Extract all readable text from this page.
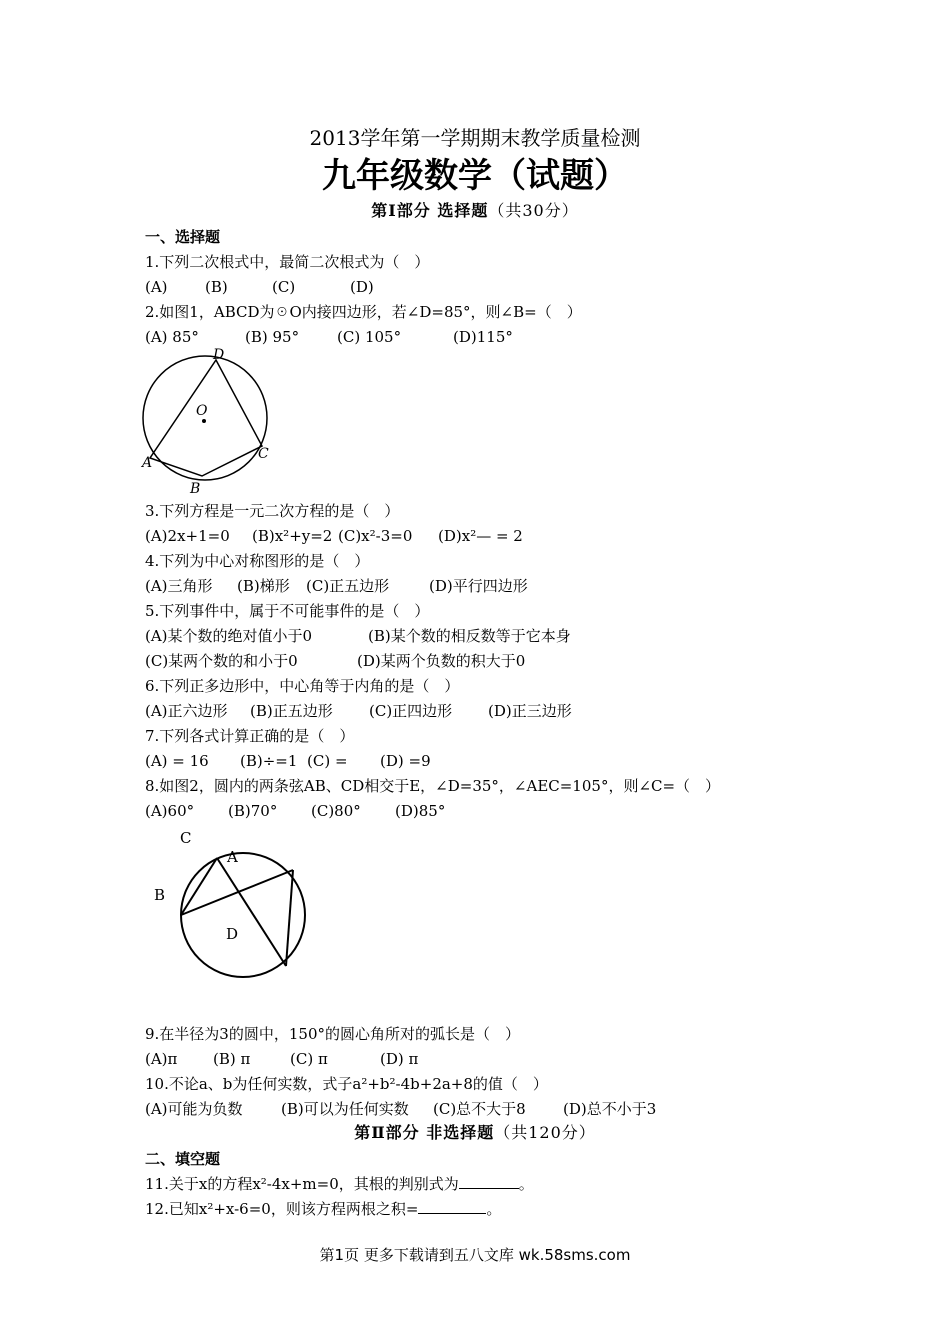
2013学年第一学期期末教学质量检测
九年级数学（试题）
第Ⅰ部分 选择题（共30分）
一、选择题
1.下列二次根式中，最简二次根式为（　）
(A) (B)	(C)	(D)
2.如图1，ABCD为☉O内接四边形，若∠D=85°，则∠B=（　）
(A) 85°	(B) 95°	(C) 105°	(D)115°
D
O
A
B
C
3.下列方程是一元二次方程的是（　）
(A)2x+1=0 (B)x²+y=2 (C)x²-3=0 (D)x²— = 2
4.下列为中心对称图形的是（　）
(A)三角形 (B)梯形 (C)正五边形	(D)平行四边形
5.下列事件中，属于不可能事件的是（　）
(A)某个数的绝对值小于0	(B)某个数的相反数等于它本身
(C)某两个数的和小于0	(D)某两个负数的积大于0
6.下列正多边形中，中心角等于内角的是（　）
(A)正六边形 (B)正五边形 (C)正四边形 (D)正三边形
7.下列各式计算正确的是（　）
(A) = 16 (B)÷=1 (C) = (D) =9
8.如图2，圆内的两条弦AB、CD相交于E，∠D=35°，∠AEC=105°，则∠C=（　）
(A)60° (B)70° (C)80° (D)85°
C
A
B
D
9.在半径为3的圆中，150°的圆心角所对的弧长是（　）
(A)π (B) π	(C) π	(D) π
10.不论a、b为任何实数，式子a²+b²-4b+2a+8的值（　）
(A)可能为负数	(B)可以为任何实数 (C)总不大于8 (D)总不小于3
第Ⅱ部分 非选择题（共120分）
二、填空题
11.关于x的方程x²-4x+m=0，其根的判别式为	。
12.已知x²+x-6=0，则该方程两根之积=	。
第1页 更多下载请到五八文库 wk.58sms.com
